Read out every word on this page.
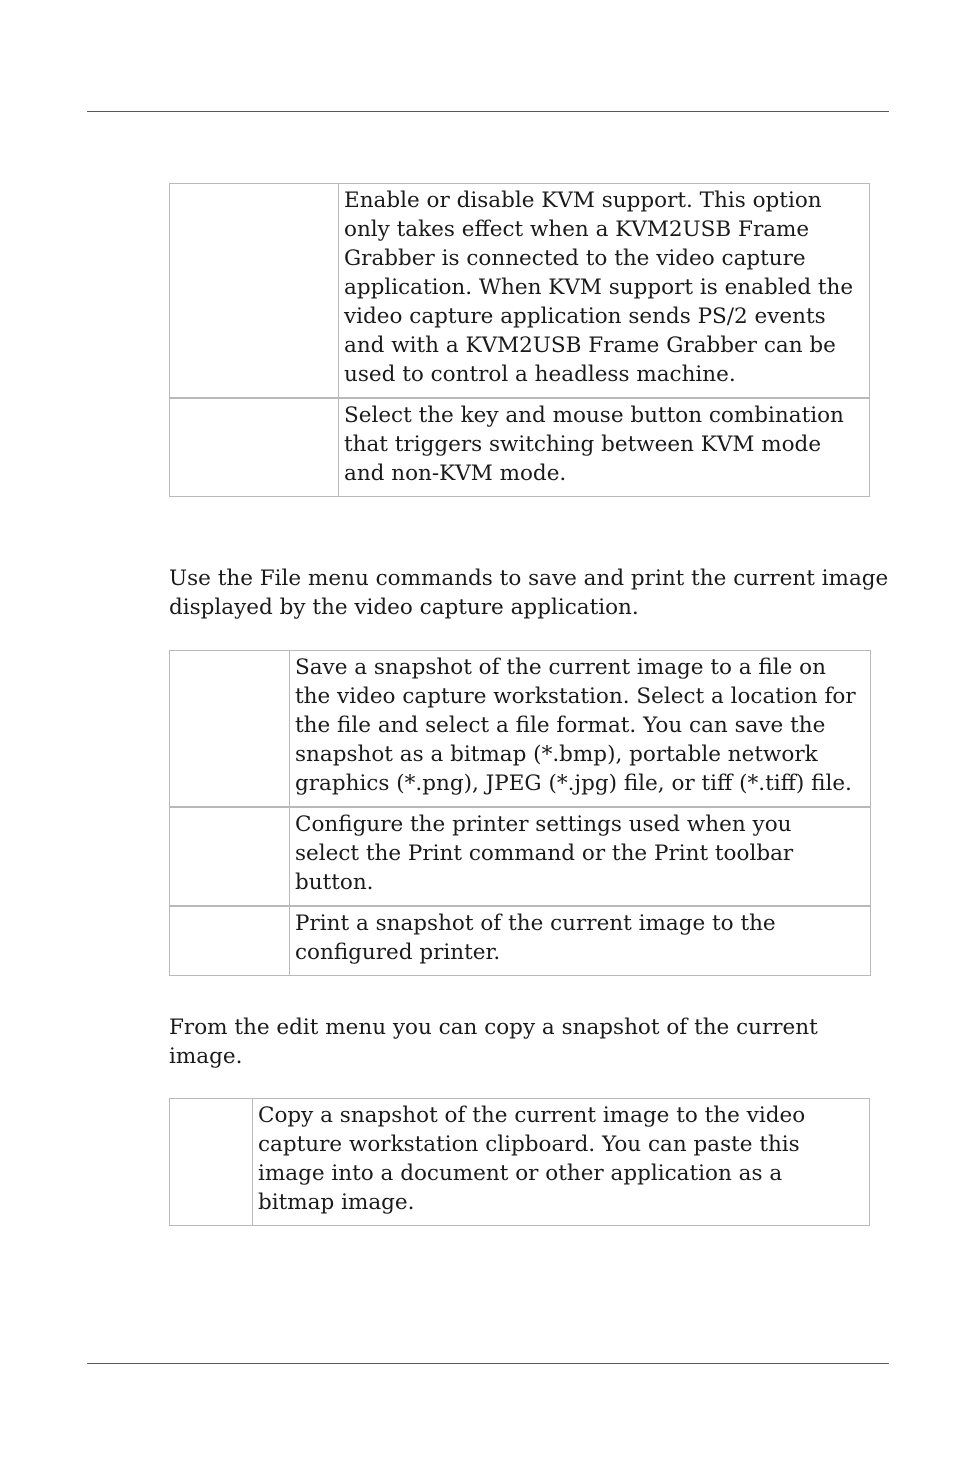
	Enable or disable KVM support. This option only takes effect when a KVM2USB Frame Grabber is connected to the video capture application. When KVM support is enabled the video capture application sends PS/2 events and with a KVM2USB Frame Grabber can be used to control a headless machine.
	Select the key and mouse button combination that triggers switching between KVM mode and non-KVM mode.

Use the File menu commands to save and print the current image displayed by the video capture application.

	Save a snapshot of the current image to a file on the video capture workstation. Select a location for the file and select a file format. You can save the snapshot as a bitmap (*.bmp), portable network graphics (*.png), JPEG (*.jpg) file, or tiff (*.tiff) file.
	Configure the printer settings used when you select the Print command or the Print toolbar button.
	Print a snapshot of the current image to the configured printer.

From the edit menu you can copy a snapshot of the current image.

	Copy a snapshot of the current image to the video capture workstation clipboard. You can paste this image into a document or other application as a bitmap image.
